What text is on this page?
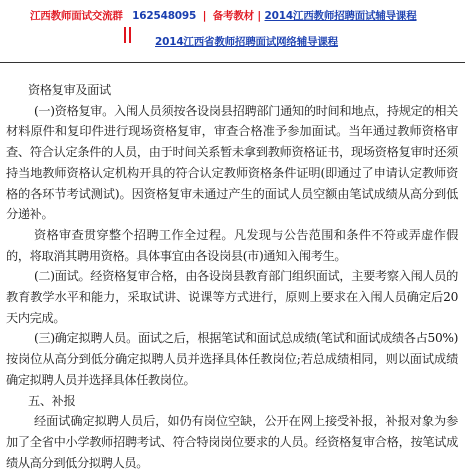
江西教师面试交流群 162548095 | 备考教材 | 2014江西教师招聘面试辅导课程
2014江西省教师招聘面试网络辅导课程

资格复审及面试

(一)资格复审。入闱人员须按各设岗县招聘部门通知的时间和地点，持规定的相关材料原件和复印件进行现场资格复审，审查合格准予参加面试。当年通过教师资格审查、符合认定条件的人员，由于时间关系暂未拿到教师资格证书，现场资格复审时还须持当地教师资格认定机构开具的符合认定教师资格条件证明(即通过了申请认定教师资格的各环节考试测试)。因资格复审未通过产生的面试人员空额由笔试成绩从高分到低分递补。

资格审查贯穿整个招聘工作全过程。凡发现与公告范围和条件不符或弄虚作假的，将取消其聘用资格。具体事宜由各设岗县(市)通知入闱考生。

(二)面试。经资格复审合格，由各设岗县教育部门组织面试，主要考察入闱人员的教育教学水平和能力，采取试讲、说课等方式进行，原则上要求在入闱人员确定后20天内完成。

(三)确定拟聘人员。面试之后，根据笔试和面试总成绩(笔试和面试成绩各占50%)按岗位从高分到低分确定拟聘人员并选择具体任教岗位;若总成绩相同，则以面试成绩确定拟聘人员并选择具体任教岗位。

五、补报

经面试确定拟聘人员后，如仍有岗位空缺，公开在网上接受补报，补报对象为参加了全省中小学教师招聘考试、符合特岗岗位要求的人员。经资格复审合格，按笔试成绩从高分到低分拟聘人员。
